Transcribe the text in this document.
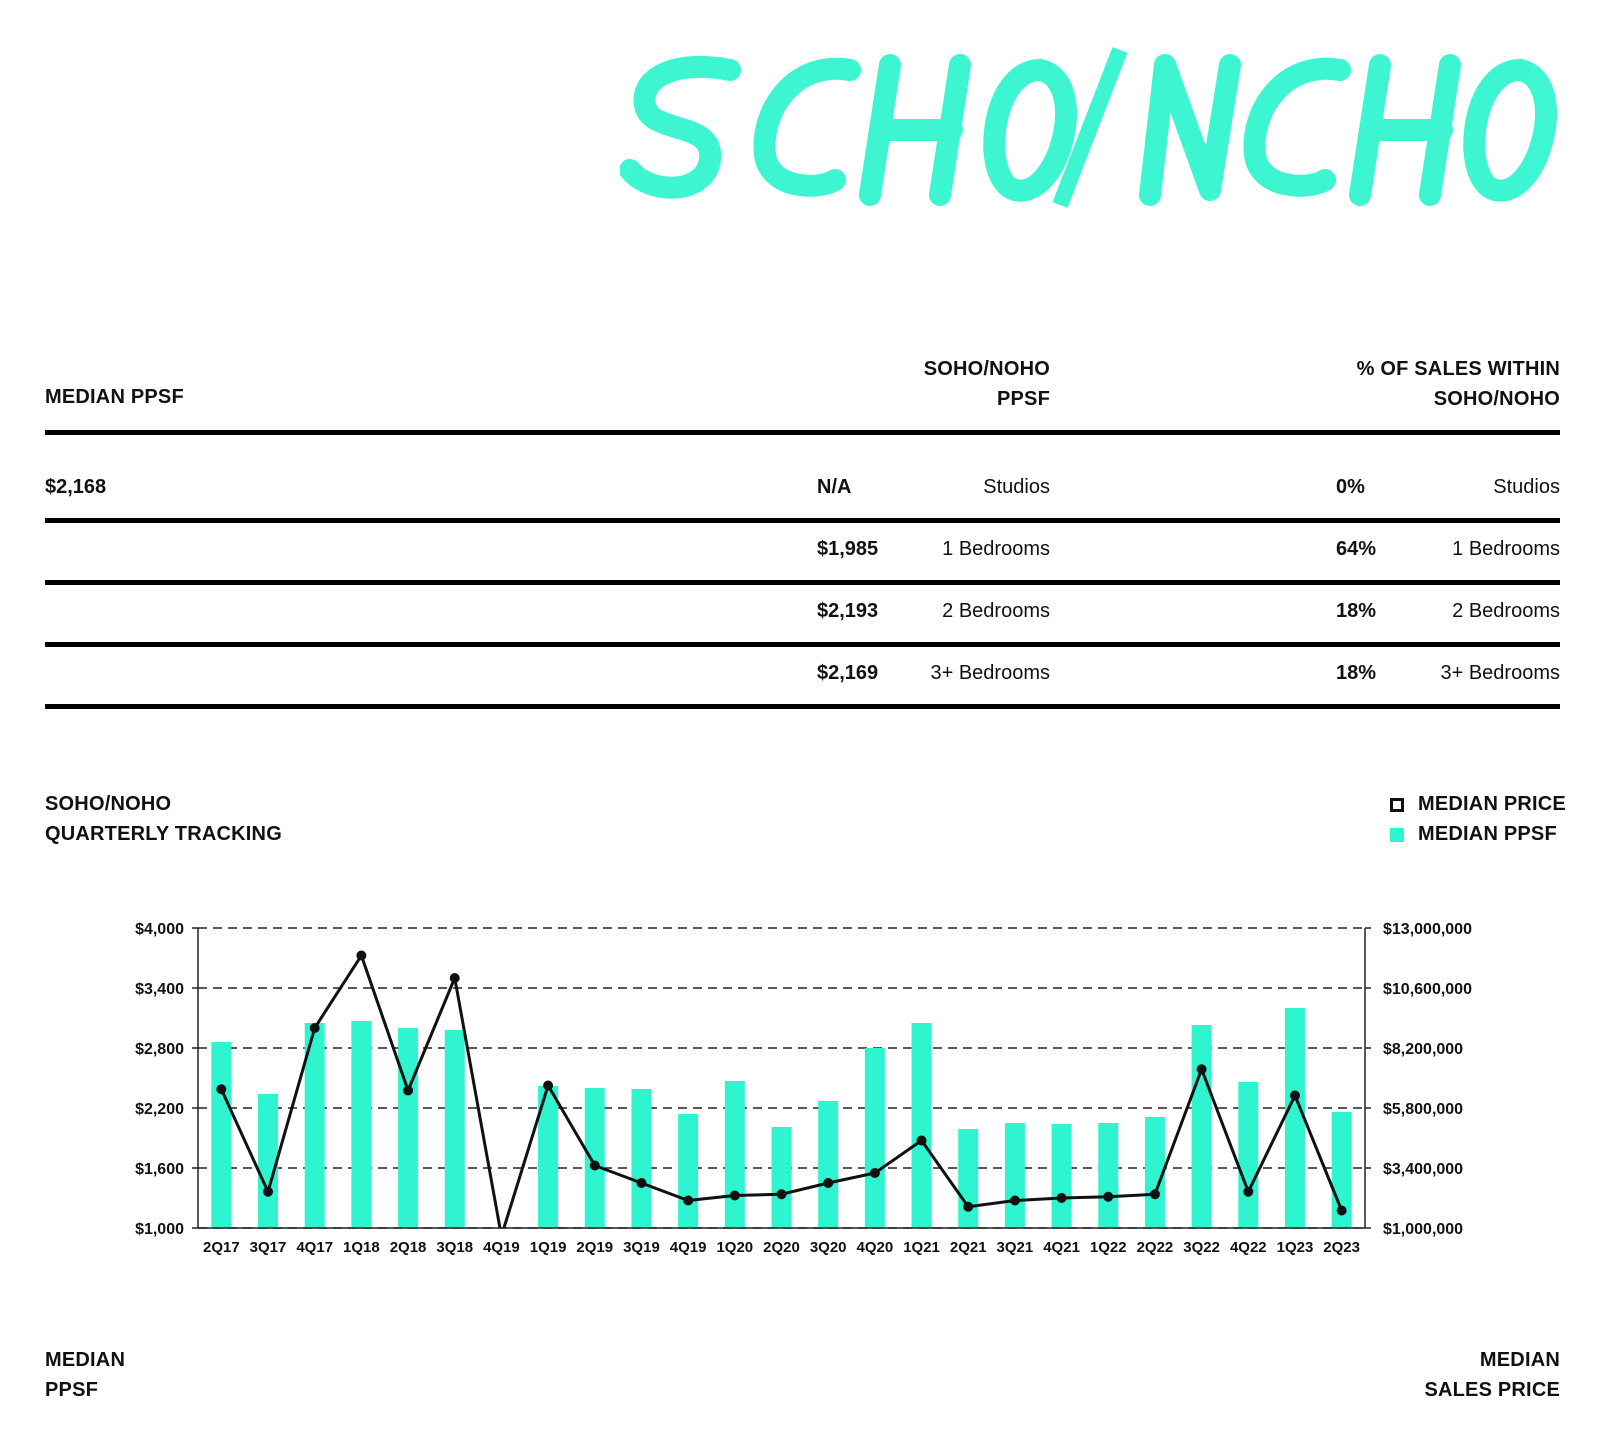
MEDIAN PPSF
SOHO/NOHO
PPSF
% OF SALES WITHIN
SOHO/NOHO
$2,168	N/A	Studios	0%	Studios
$1,985	1 Bedrooms	64%	1 Bedrooms
$2,193	2 Bedrooms	18%	2 Bedrooms
$2,169	3+ Bedrooms	18%	3+ Bedrooms
SOHO/NOHO
QUARTERLY TRACKING
MEDIAN PRICE
MEDIAN PPSF
$1,000
$1,600
$2,200
$2,800
$3,400
$4,000
$1,000,000
$3,400,000
$5,800,000
$8,200,000
$10,600,000
$13,000,000
2Q17 3Q17 4Q17 1Q18 2Q18 3Q18 4Q19 1Q19 2Q19 3Q19 4Q19 1Q20 2Q20 3Q20 4Q20 1Q21 2Q21 3Q21 4Q21 1Q22 2Q22 3Q22 4Q22 1Q23 2Q23
MEDIAN
PPSF
MEDIAN
SALES PRICE
